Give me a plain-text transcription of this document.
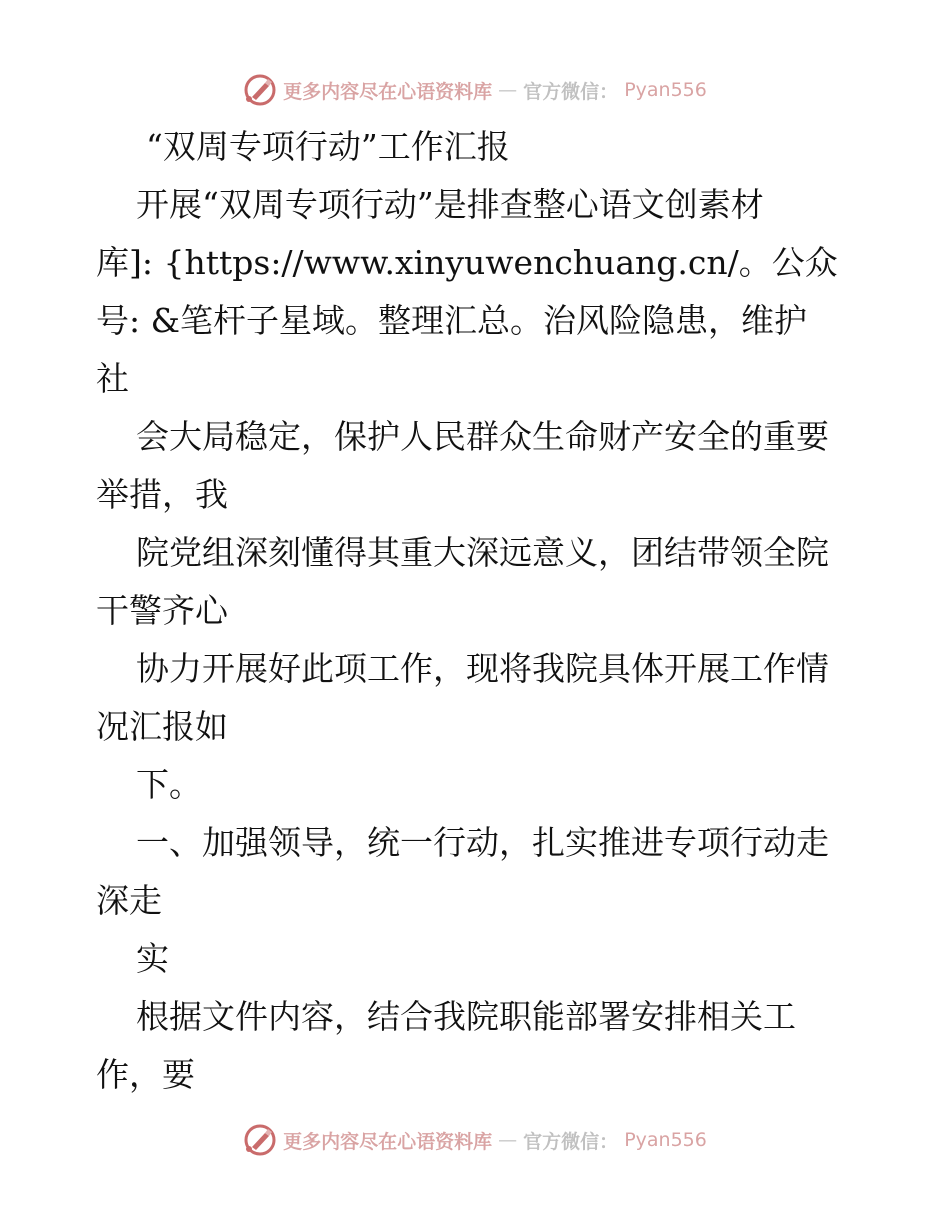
更多内容尽在心语资料库 — 官方微信： Pyan556
“双周专项行动”工作汇报
开展“双周专项行动”是排查整心语文创素材
库]: {https://www.xinyuwenchuang.cn/。公众
号: &笔杆子星域。整理汇总。治风险隐患，维护
社
会大局稳定，保护人民群众生命财产安全的重要
举措，我
院党组深刻懂得其重大深远意义，团结带领全院
干警齐心
协力开展好此项工作，现将我院具体开展工作情
况汇报如
下。
一、加强领导，统一行动，扎实推进专项行动走
深走
实
根据文件内容，结合我院职能部署安排相关工
作，要
更多内容尽在心语资料库 — 官方微信： Pyan556
